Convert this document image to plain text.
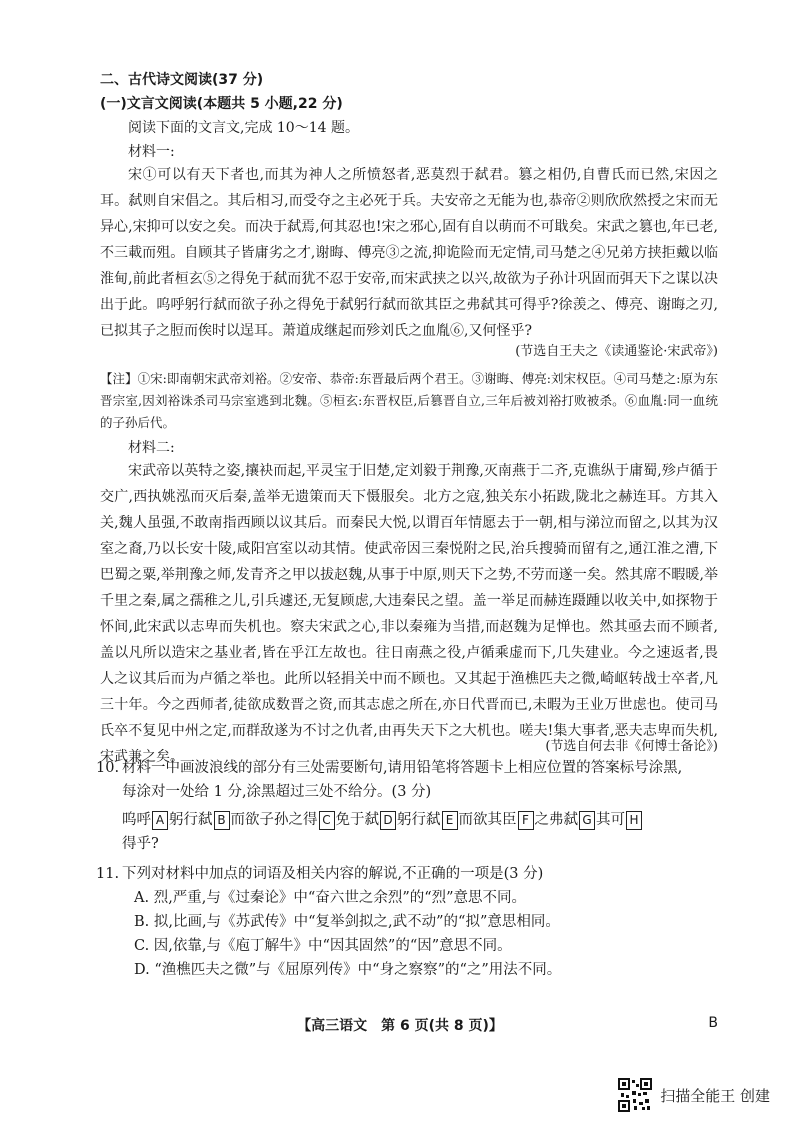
二、古代诗文阅读(37 分)
(一)文言文阅读(本题共 5 小题,22 分)
阅读下面的文言文,完成 10～14 题。
材料一:

宋①可以有天下者也,而其为神人之所愤怒者,恶莫烈于弑君。篡之相仍,自曹氏而已然,宋因之耳。弑则自宋倡之。其后相习,而受夺之主必死于兵。夫安帝之无能为也,恭帝②则欣欣然授之宋而无异心,宋抑可以安之矣。而决于弑焉,何其忍也!宋之邪心,固有自以萌而不可戢矣。宋武之篡也,年已老,不三載而殂。自顾其子皆庸劣之才,谢晦、傅亮③之流,抑诡险而无定情,司马楚之④兄弟方挟拒戴以临淮甸,前此者桓玄⑤之得免于弑而犹不忍于安帝,而宋武挟之以兴,故欲为子孙计巩固而弭天下之谋以决出于此。呜呼躬行弑而欲子孙之得免于弑躬行弑而欲其臣之弗弑其可得乎?徐羡之、傅亮、谢晦之刃,已拟其子之脰而俟时以逞耳。萧道成继起而殄刘氏之血胤⑥,又何怪乎?

(节选自王夫之《读通鉴论·宋武帝》)
【注】①宋:即南朝宋武帝刘裕。②安帝、恭帝:东晋最后两个君王。③谢晦、傅亮:刘宋权臣。④司马楚之:原为东晋宗室,因刘裕诛杀司马宗室逃到北魏。⑤桓玄:东晋权臣,后篡晋自立,三年后被刘裕打败被杀。⑥血胤:同一血统的子孙后代。
材料二:

宋武帝以英特之姿,攘袂而起,平灵宝于旧楚,定刘毅于荆豫,灭南燕于二齐,克谯纵于庸蜀,殄卢循于交广,西执姚泓而灭后秦,盖举无遗策而天下慑服矣。北方之寇,独关东小拓跋,陇北之赫连耳。方其入关,魏人虽强,不敢南指西顾以议其后。而秦民大悦,以谓百年情愿去于一朝,相与涕泣而留之,以其为汉室之裔,乃以长安十陵,咸阳宫室以动其情。使武帝因三秦悦附之民,治兵搜骑而留有之,通江淮之漕,下巴蜀之粟,举荆豫之师,发青齐之甲以拔赵魏,从事于中原,则天下之势,不劳而遂一矣。然其席不暇暖,举千里之秦,属之孺稚之儿,引兵遽还,无复顾虑,大违秦民之望。盖一举足而赫连蹑踵以收关中,如探物于怀间,此宋武以志卑而失机也。察夫宋武之心,非以秦雍为当措,而赵魏为足惮也。然其亟去而不顾者,盖以凡所以造宋之基业者,皆在乎江左故也。往日南燕之役,卢循乘虚而下,几失建业。今之速返者,畏人之议其后而为卢循之举也。此所以轻捐关中而不顾也。又其起于渔樵匹夫之微,崎岖转战士卒者,凡三十年。今之西师者,徒欲成数晋之资,而其志虑之所在,亦日代晋而已,未暇为王业万世虑也。使司马氏卒不复见中州之定,而群敌遂为不讨之仇者,由再失天下之大机也。嗟夫!集大事者,恶夫志卑而失机,宋武兼之矣。

(节选自何去非《何博士备论》)
10. 材料一中画波浪线的部分有三处需要断句,请用铅笔将答题卡上相应位置的答案标号涂黑,
每涂对一处给 1 分,涂黑超过三处不给分。(3 分)
呜呼 A 躬行弑 B 而欲子孙之得 C 免于弑 D 躬行弑 E 而欲其臣 F 之弗弑 G 其可 H
得乎?
11. 下列对材料中加点的词语及相关内容的解说,不正确的一项是(3 分)
A. 烈,严重,与《过秦论》中“奋六世之余烈”的“烈”意思不同。
B. 拟,比画,与《苏武传》中“复举剑拟之,武不动”的“拟”意思相同。
C. 因,依靠,与《庖丁解牛》中“因其固然”的“因”意思不同。
D. “渔樵匹夫之微”与《屈原列传》中“身之察察”的“之”用法不同。
【高三语文　第 6 页(共 8 页)】	B
扫描全能王 创建
